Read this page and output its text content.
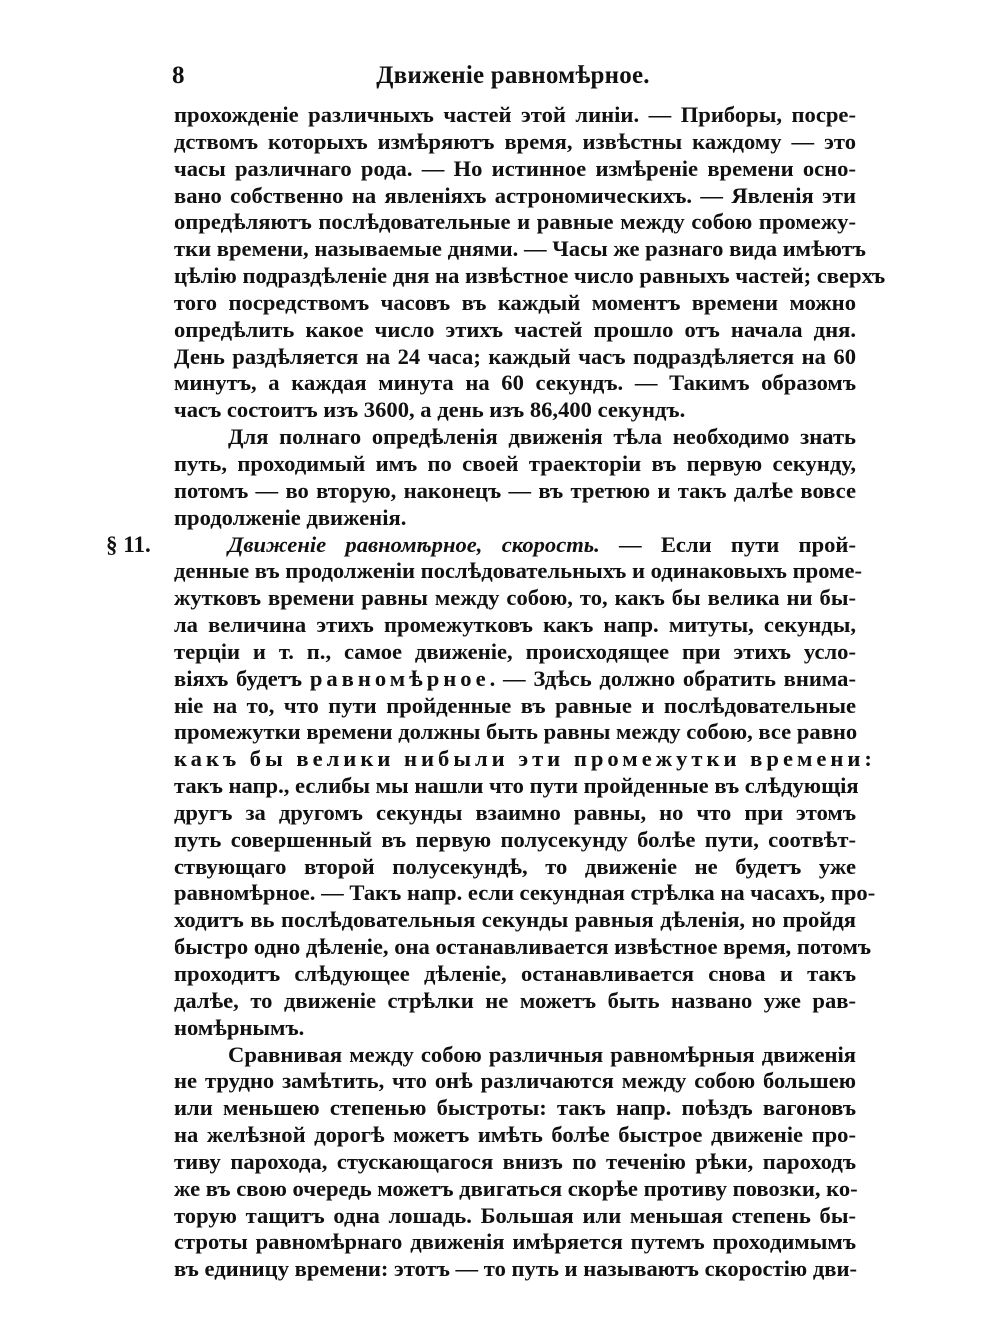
8	Движеніе равномѣрное.
прохожденіе различныхъ частей этой линіи. — Приборы, посре-
дствомъ которыхъ измѣряютъ время, извѣстны каждому — это
часы различнаго рода. — Но истинное измѣреніе времени осно-
вано собственно на явленіяхъ астрономическихъ. — Явленія эти
опредѣляютъ послѣдовательные и равные между собою промежу-
тки времени, называемые днями. — Часы же разнаго вида имѣютъ
цѣлію подраздѣленіе дня на извѣстное число равныхъ частей; сверхъ
того посредствомъ часовъ въ каждый моментъ времени можно
опредѣлить какое число этихъ частей прошло отъ начала дня.
День раздѣляется на 24 часа; каждый часъ подраздѣляется на 60
минутъ, а каждая минута на 60 секундъ. — Такимъ образомъ
часъ состоитъ изъ 3600, а день изъ 86,400 секундъ.
Для полнаго опредѣленія движенія тѣла необходимо знать
путь, проходимый имъ по своей траекторіи въ первую секунду,
потомъ — во вторую, наконецъ — въ третюю и такъ далѣе вовсе
продолженіе движенія.
§ 11.	Движеніе равномѣрное, скорость. — Если пути прой-
денные въ продолженіи послѣдовательныхъ и одинаковыхъ проме-
жутковъ времени равны между собою, то, какъ бы велика ни бы-
ла величина этихъ промежутковъ какъ напр. митуты, секунды,
терціи и т. п., самое движеніе, происходящее при этихъ усло-
віяхъ будетъ равномѣрное. — Здѣсь должно обратить внима-
ніе на то, что пути пройденные въ равные и послѣдовательные
промежутки времени должны быть равны между собою, все равно
какъ бы велики нибыли эти промежутки времени:
такъ напр., еслибы мы нашли что пути пройденные въ слѣдующія
другъ за другомъ секунды взаимно равны, но что при этомъ
путь совершенный въ первую полусекунду болѣе пути, соотвѣт-
ствующаго второй полусекундѣ, то движеніе не будетъ уже
равномѣрное. — Такъ напр. если секундная стрѣлка на часахъ, про-
ходитъ вь послѣдовательныя секунды равныя дѣленія, но пройдя
быстро одно дѣленіе, она останавливается извѣстное время, потомъ
проходитъ слѣдующее дѣленіе, останавливается снова и такъ
далѣе, то движеніе стрѣлки не можетъ быть названо уже рав-
номѣрнымъ.
Сравнивая между собою различныя равномѣрныя движенія
не трудно замѣтить, что онѣ различаются между собою большею
или меньшею степенью быстроты: такъ напр. поѣздъ вагоновъ
на желѣзной дорогѣ можетъ имѣть болѣе быстрое движеніе про-
тиву парохода, стускающагося внизъ по теченію рѣки, пароходъ
же въ свою очередь можетъ двигаться скорѣе противу повозки, ко-
торую тащитъ одна лошадь. Большая или меньшая степень бы-
строты равномѣрнаго движенія имѣряется путемъ проходимымъ
въ единицу времени: этотъ — то путь и называютъ скоростію дви-
